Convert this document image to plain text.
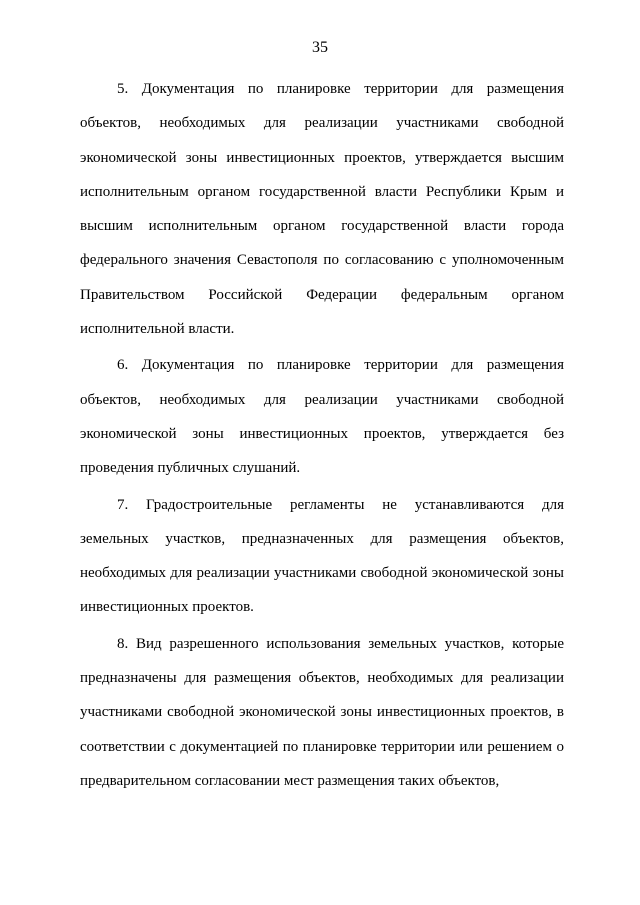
35

5. Документация по планировке территории для размещения объектов, необходимых для реализации участниками свободной экономической зоны инвестиционных проектов, утверждается высшим исполнительным органом государственной власти Республики Крым и высшим исполнительным органом государственной власти города федерального значения Севастополя по согласованию с уполномоченным Правительством Российской Федерации федеральным органом исполнительной власти.

6. Документация по планировке территории для размещения объектов, необходимых для реализации участниками свободной экономической зоны инвестиционных проектов, утверждается без проведения публичных слушаний.

7. Градостроительные регламенты не устанавливаются для земельных участков, предназначенных для размещения объектов, необходимых для реализации участниками свободной экономической зоны инвестиционных проектов.

8. Вид разрешенного использования земельных участков, которые предназначены для размещения объектов, необходимых для реализации участниками свободной экономической зоны инвестиционных проектов, в соответствии с документацией по планировке территории или решением о предварительном согласовании мест размещения таких объектов,
